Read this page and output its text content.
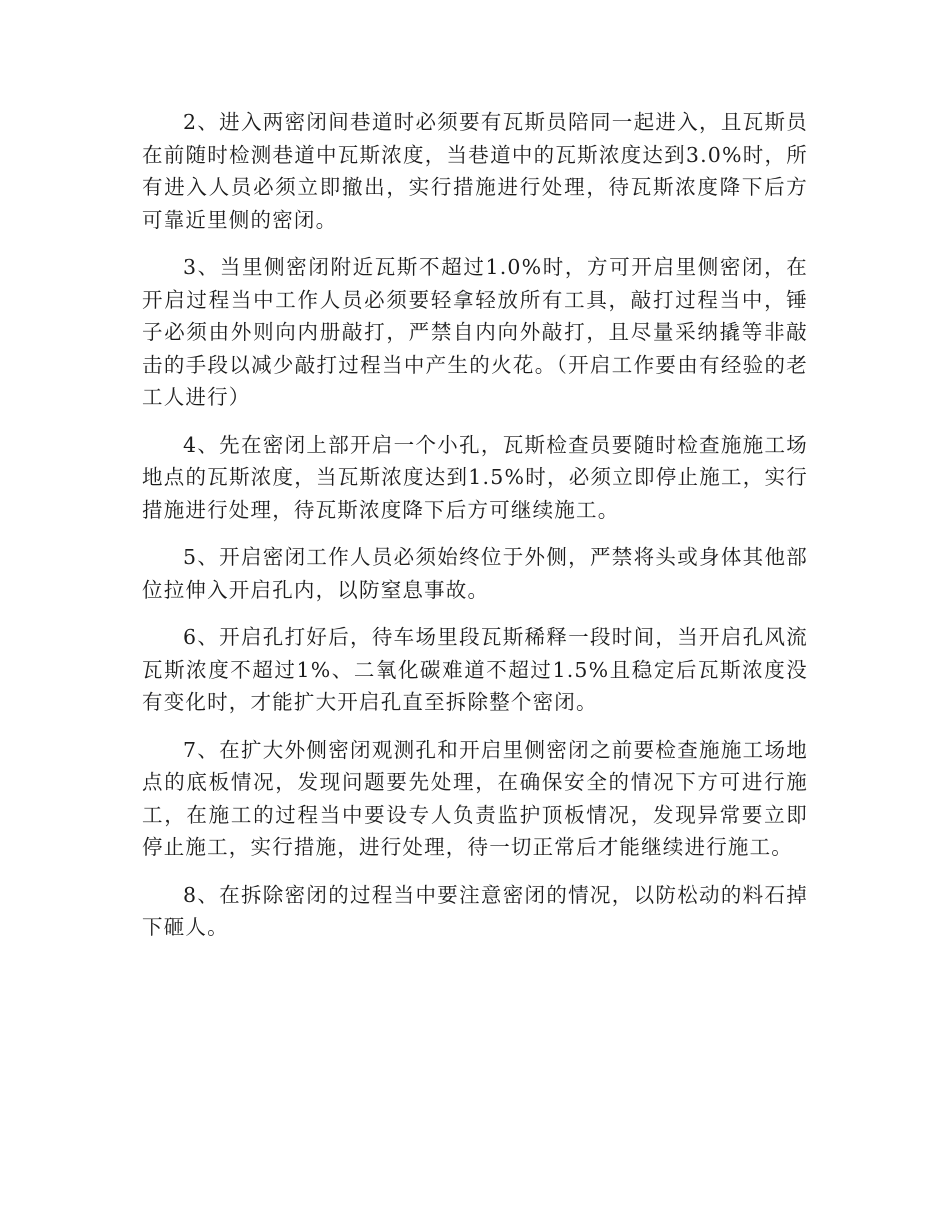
2、进入两密闭间巷道时必须要有瓦斯员陪同一起进入，且瓦斯员在前随时检测巷道中瓦斯浓度，当巷道中的瓦斯浓度达到3.0%时，所有进入人员必须立即撤出，实行措施进行处理，待瓦斯浓度降下后方可靠近里侧的密闭。

3、当里侧密闭附近瓦斯不超过1.0%时，方可开启里侧密闭，在开启过程当中工作人员必须要轻拿轻放所有工具，敲打过程当中，锤子必须由外则向内册敲打，严禁自内向外敲打，且尽量采纳撬等非敲击的手段以减少敲打过程当中产生的火花。（开启工作要由有经验的老工人进行）

4、先在密闭上部开启一个小孔，瓦斯检查员要随时检查施施工场地点的瓦斯浓度，当瓦斯浓度达到1.5%时，必须立即停止施工，实行措施进行处理，待瓦斯浓度降下后方可继续施工。

5、开启密闭工作人员必须始终位于外侧，严禁将头或身体其他部位拉伸入开启孔内，以防窒息事故。

6、开启孔打好后，待车场里段瓦斯稀释一段时间，当开启孔风流瓦斯浓度不超过1%、二氧化碳难道不超过1.5%且稳定后瓦斯浓度没有变化时，才能扩大开启孔直至拆除整个密闭。

7、在扩大外侧密闭观测孔和开启里侧密闭之前要检查施施工场地点的底板情况，发现问题要先处理，在确保安全的情况下方可进行施工，在施工的过程当中要设专人负责监护顶板情况，发现异常要立即停止施工，实行措施，进行处理，待一切正常后才能继续进行施工。

8、在拆除密闭的过程当中要注意密闭的情况，以防松动的料石掉下砸人。
